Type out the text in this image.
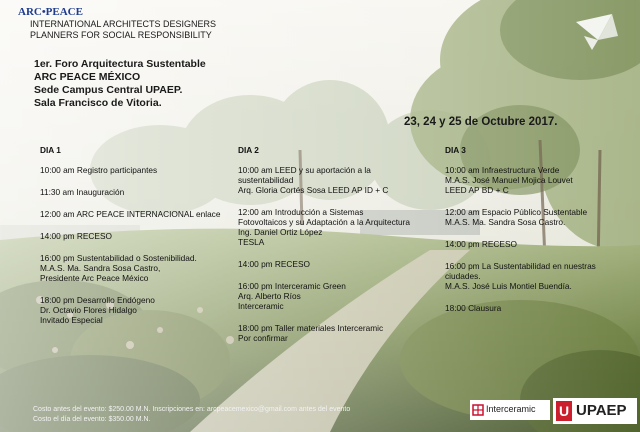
ARC•PEACE
INTERNATIONAL ARCHITECTS DESIGNERS
PLANNERS FOR SOCIAL RESPONSIBILITY
1er. Foro Arquitectura Sustentable
ARC PEACE MÉXICO
Sede Campus Central UPAEP.
Sala Francisco de Vitoria.
23, 24 y 25 de Octubre 2017.
DIA 1
10:00 am Registro participantes
11:30 am Inauguración
12:00 am ARC PEACE INTERNACIONAL enlace
14:00 pm RECESO
16:00 pm Sustentabilidad o Sostenibilidad.
M.A.S. Ma. Sandra Sosa Castro,
Presidente Arc Peace México
18:00 pm Desarrollo Endógeno
Dr. Octavio Flores Hidalgo
Invitado Especial
DIA 2
10:00 am LEED y su aportación a la
sustentabilidad
Arq. Gloria Cortés Sosa LEED AP ID + C
12:00 am Introducción a Sistemas
Fotovoltaicos y su Adaptación a la Arquitectura
Ing. Daniel Ortiz López
TESLA
14:00 pm RECESO
16:00 pm Interceramic Green
Arq. Alberto Ríos
Interceramic
18:00 pm Taller materiales Interceramic
Por confirmar
DIA 3
10:00 am Infraestructura Verde
M.A.S. José Manuel Mojica Louvet
LEED AP BD + C
12:00 am Espacio Público Sustentable
M.A.S. Ma. Sandra Sosa Castro.
14:00 pm RECESO
16:00 pm La Sustentabilidad en nuestras
ciudades.
M.A.S. José Luis Montiel Buendía.
18:00 Clausura
Costo antes del evento: $250.00 M.N. Inscripciones en: arcpeacemexico@gmail.com antes del evento
Costo el día del evento: $350.00 M.N.
Interceramic U UPAEP
